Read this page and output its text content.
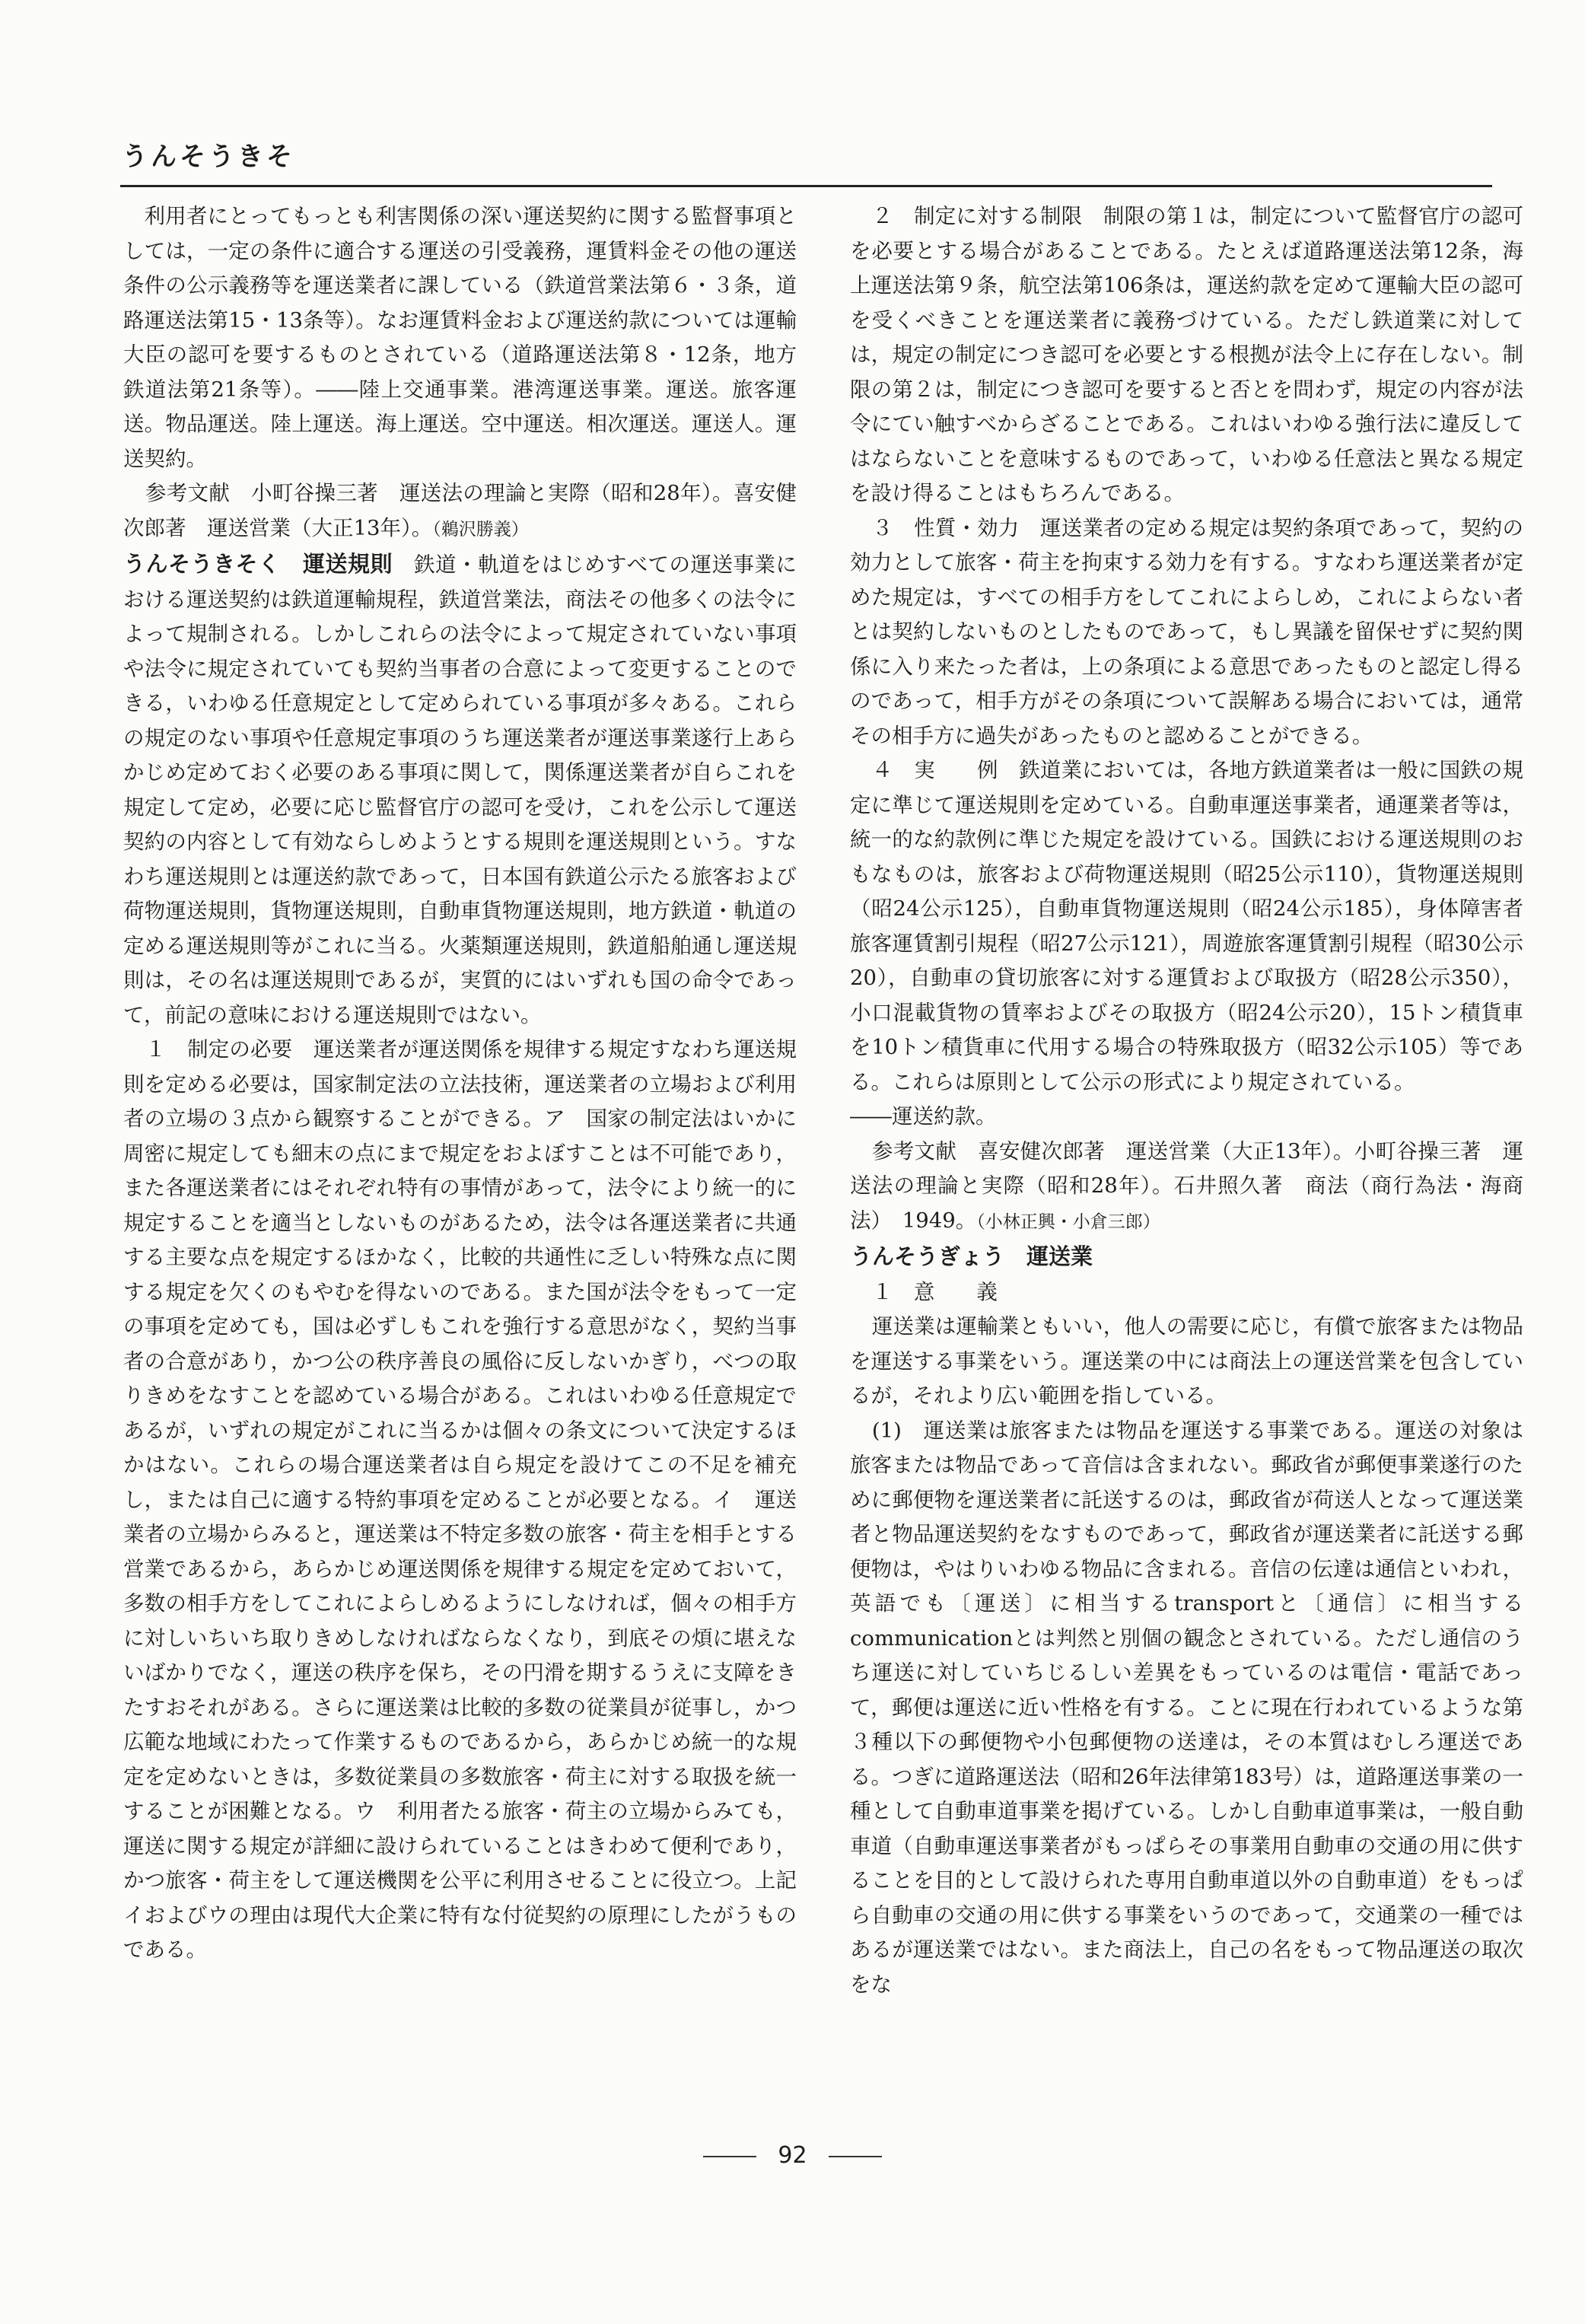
うんそうきそ

利用者にとってもっとも利害関係の深い運送契約に関する監督事項としては，一定の条件に適合する運送の引受義務，運賃料金その他の運送条件の公示義務等を運送業者に課している（鉄道営業法第６・３条，道路運送法第15・13条等）。なお運賃料金および運送約款については運輸大臣の認可を要するものとされている（道路運送法第８・12条，地方鉄道法第21条等）。――陸上交通事業。港湾運送事業。運送。旅客運送。物品運送。陸上運送。海上運送。空中運送。相次運送。運送人。運送契約。

参考文献　小町谷操三著　運送法の理論と実際（昭和28年）。喜安健次郎著　運送営業（大正13年）。（鵜沢勝義）

うんそうきそく　運送規則　 鉄道・軌道をはじめすべての運送事業における運送契約は鉄道運輸規程，鉄道営業法，商法その他多くの法令によって規制される。しかしこれらの法令によって規定されていない事項や法令に規定されていても契約当事者の合意によって変更することのできる，いわゆる任意規定として定められている事項が多々ある。これらの規定のない事項や任意規定事項のうち運送業者が運送事業遂行上あらかじめ定めておく必要のある事項に関して，関係運送業者が自らこれを規定して定め，必要に応じ監督官庁の認可を受け，これを公示して運送契約の内容として有効ならしめようとする規則を運送規則という。すなわち運送規則とは運送約款であって，日本国有鉄道公示たる旅客および荷物運送規則，貨物運送規則，自動車貨物運送規則，地方鉄道・軌道の定める運送規則等がこれに当る。火薬類運送規則，鉄道船舶通し運送規則は，その名は運送規則であるが，実質的にはいずれも国の命令であって，前記の意味における運送規則ではない。

１　制定の必要　運送業者が運送関係を規律する規定すなわち運送規則を定める必要は，国家制定法の立法技術，運送業者の立場および利用者の立場の３点から観察することができる。ア　国家の制定法はいかに周密に規定しても細末の点にまで規定をおよぼすことは不可能であり，また各運送業者にはそれぞれ特有の事情があって，法令により統一的に規定することを適当としないものがあるため，法令は各運送業者に共通する主要な点を規定するほかなく，比較的共通性に乏しい特殊な点に関する規定を欠くのもやむを得ないのである。また国が法令をもって一定の事項を定めても，国は必ずしもこれを強行する意思がなく，契約当事者の合意があり，かつ公の秩序善良の風俗に反しないかぎり，べつの取りきめをなすことを認めている場合がある。これはいわゆる任意規定であるが，いずれの規定がこれに当るかは個々の条文について決定するほかはない。これらの場合運送業者は自ら規定を設けてこの不足を補充し，または自己に適する特約事項を定めることが必要となる。イ　運送業者の立場からみると，運送業は不特定多数の旅客・荷主を相手とする営業であるから，あらかじめ運送関係を規律する規定を定めておいて，多数の相手方をしてこれによらしめるようにしなければ，個々の相手方に対しいちいち取りきめしなければならなくなり，到底その煩に堪えないばかりでなく，運送の秩序を保ち，その円滑を期するうえに支障をきたすおそれがある。さらに運送業は比較的多数の従業員が従事し，かつ広範な地域にわたって作業するものであるから，あらかじめ統一的な規定を定めないときは，多数従業員の多数旅客・荷主に対する取扱を統一することが困難となる。ウ　利用者たる旅客・荷主の立場からみても，運送に関する規定が詳細に設けられていることはきわめて便利であり，かつ旅客・荷主をして運送機関を公平に利用させることに役立つ。上記イおよびウの理由は現代大企業に特有な付従契約の原理にしたがうものである。

２　制定に対する制限　制限の第１は，制定について監督官庁の認可を必要とする場合があることである。たとえば道路運送法第12条，海上運送法第９条，航空法第106条は，運送約款を定めて運輸大臣の認可を受くべきことを運送業者に義務づけている。ただし鉄道業に対しては，規定の制定につき認可を必要とする根拠が法令上に存在しない。制限の第２は，制定につき認可を要すると否とを問わず，規定の内容が法令にてい触すべからざることである。これはいわゆる強行法に違反してはならないことを意味するものであって，いわゆる任意法と異なる規定を設け得ることはもちろんである。

３　性質・効力　運送業者の定める規定は契約条項であって，契約の効力として旅客・荷主を拘束する効力を有する。すなわち運送業者が定めた規定は，すべての相手方をしてこれによらしめ，これによらない者とは契約しないものとしたものであって，もし異議を留保せずに契約関係に入り来たった者は，上の条項による意思であったものと認定し得るのであって，相手方がその条項について誤解ある場合においては，通常その相手方に過失があったものと認めることができる。

４　実　　例　鉄道業においては，各地方鉄道業者は一般に国鉄の規定に準じて運送規則を定めている。自動車運送事業者，通運業者等は，統一的な約款例に準じた規定を設けている。国鉄における運送規則のおもなものは，旅客および荷物運送規則（昭25公示110），貨物運送規則（昭24公示125），自動車貨物運送規則（昭24公示185），身体障害者旅客運賃割引規程（昭27公示121），周遊旅客運賃割引規程（昭30公示20），自動車の貸切旅客に対する運賃および取扱方（昭28公示350），小口混載貨物の賃率およびその取扱方（昭24公示20），15トン積貨車を10トン積貨車に代用する場合の特殊取扱方（昭32公示105）等である。これらは原則として公示の形式により規定されている。

――運送約款。

参考文献　喜安健次郎著　運送営業（大正13年）。小町谷操三著　運送法の理論と実際（昭和28年）。石井照久著　商法（商行為法・海商法）　1949。（小林正興・小倉三郎）

うんそうぎょう　運送業

１　意　　義

運送業は運輸業ともいい，他人の需要に応じ，有償で旅客または物品を運送する事業をいう。運送業の中には商法上の運送営業を包含しているが，それより広い範囲を指している。

(1)　運送業は旅客または物品を運送する事業である。運送の対象は旅客または物品であって音信は含まれない。郵政省が郵便事業遂行のために郵便物を運送業者に託送するのは，郵政省が荷送人となって運送業者と物品運送契約をなすものであって，郵政省が運送業者に託送する郵便物は，やはりいわゆる物品に含まれる。音信の伝達は通信といわれ，英語でも〔運送〕に相当するtransportと〔通信〕に相当するcommunicationとは判然と別個の観念とされている。ただし通信のうち運送に対していちじるしい差異をもっているのは電信・電話であって，郵便は運送に近い性格を有する。ことに現在行われているような第３種以下の郵便物や小包郵便物の送達は，その本質はむしろ運送である。つぎに道路運送法（昭和26年法律第183号）は，道路運送事業の一種として自動車道事業を掲げている。しかし自動車道事業は，一般自動車道（自動車運送事業者がもっぱらその事業用自動車の交通の用に供することを目的として設けられた専用自動車道以外の自動車道）をもっぱら自動車の交通の用に供する事業をいうのであって，交通業の一種ではあるが運送業ではない。また商法上，自己の名をもって物品運送の取次をな

92
